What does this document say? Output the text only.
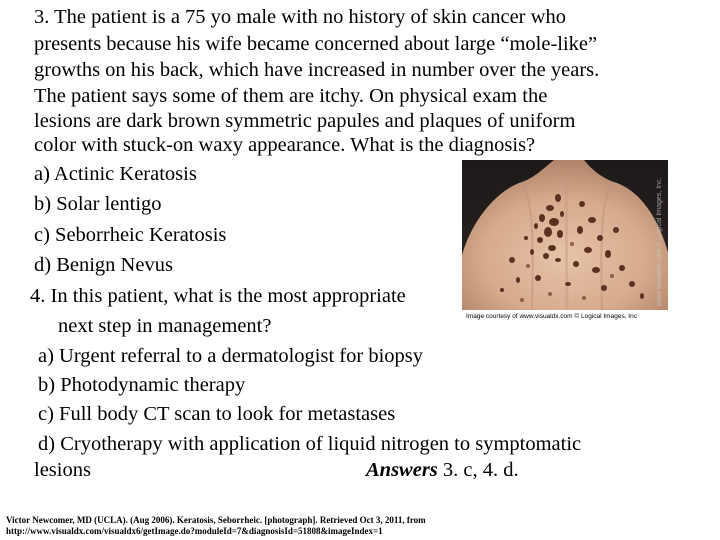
3. The patient is a 75 yo male with no history of skin cancer who
presents because his wife became concerned about large “mole-like”
growths on his back, which have increased in number over the years.
The patient says some of them are itchy. On physical exam the
lesions are dark brown symmetric papules and plaques of uniform
color with stuck-on waxy appearance. What is the diagnosis?
a) Actinic Keratosis
b) Solar lentigo
c) Seborrheic Keratosis
d) Benign Nevus
4. In this patient, what is the most appropriate
next step in management?
a) Urgent referral to a dermatologist for biopsy
b) Photodynamic therapy
c) Full body CT scan to look for metastases
d) Cryotherapy with application of liquid nitrogen to symptomatic
lesions	Answers 3. c, 4. d.
www.visualdx.com © Logical Images, Inc.
Image courtesy of www.visualdx.com © Logical Images, Inc
Victor Newcomer, MD (UCLA). (Aug 2006). Keratosis, Seborrheic. [photograph]. Retrieved Oct 3, 2011, from
http://www.visualdx.com/visualdx6/getImage.do?moduleId=7&diagnosisId=51808&imageIndex=1
